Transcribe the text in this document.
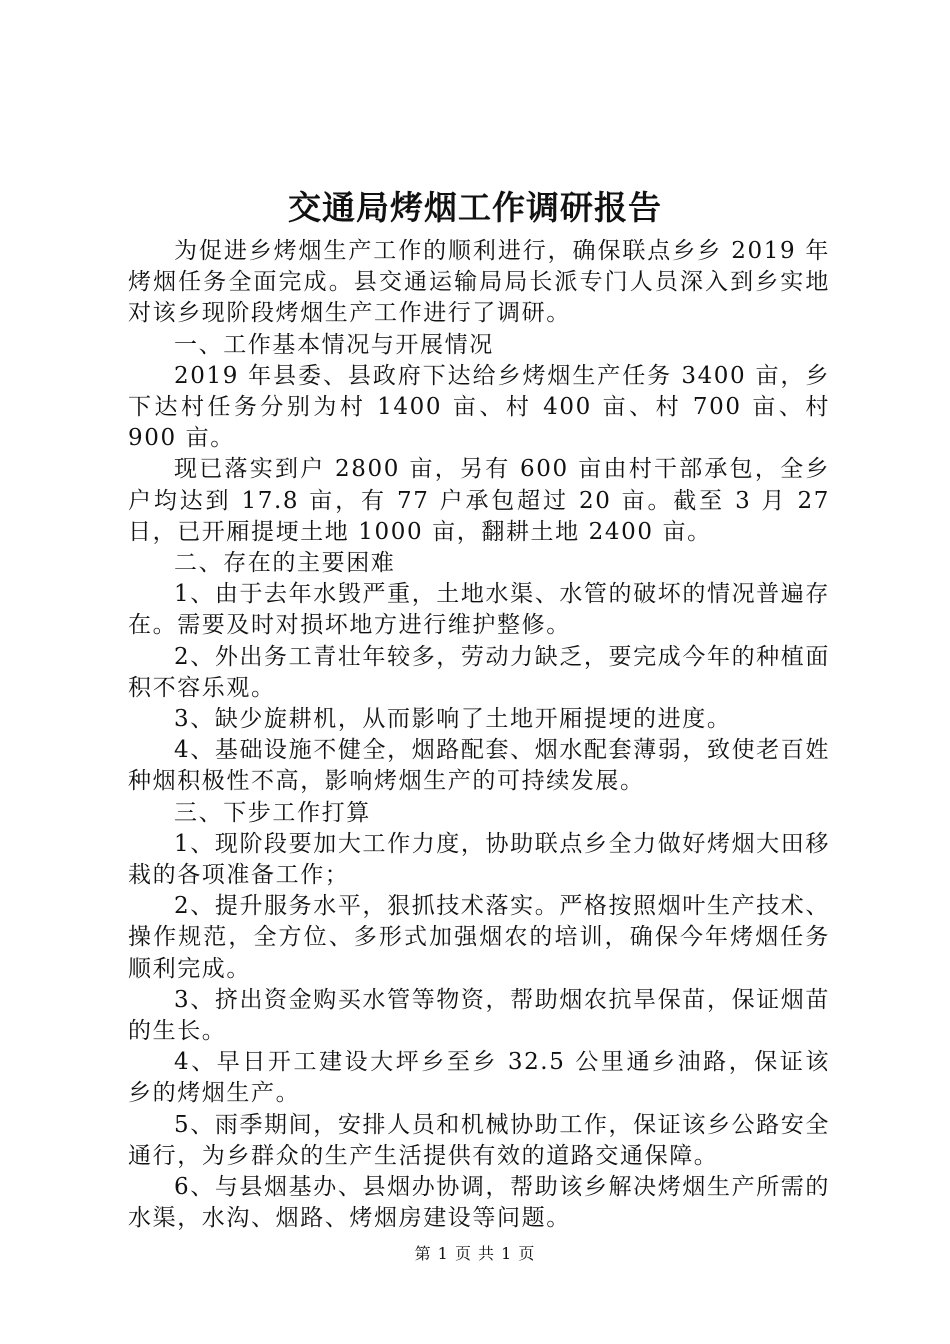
交通局烤烟工作调研报告

为促进乡烤烟生产工作的顺利进行，确保联点乡乡 2019 年烤烟任务全面完成。县交通运输局局长派专门人员深入到乡实地对该乡现阶段烤烟生产工作进行了调研。

一、工作基本情况与开展情况

2019 年县委、县政府下达给乡烤烟生产任务 3400 亩，乡下达村任务分别为村 1400 亩、村 400 亩、村 700 亩、村 900 亩。

现已落实到户 2800 亩，另有 600 亩由村干部承包，全乡户均达到 17.8 亩，有 77 户承包超过 20 亩。截至 3 月 27 日，已开厢提埂土地 1000 亩，翻耕土地 2400 亩。

二、存在的主要困难

1、由于去年水毁严重，土地水渠、水管的破坏的情况普遍存在。需要及时对损坏地方进行维护整修。

2、外出务工青壮年较多，劳动力缺乏，要完成今年的种植面积不容乐观。

3、缺少旋耕机，从而影响了土地开厢提埂的进度。

4、基础设施不健全，烟路配套、烟水配套薄弱，致使老百姓种烟积极性不高，影响烤烟生产的可持续发展。

三、下步工作打算

1、现阶段要加大工作力度，协助联点乡全力做好烤烟大田移栽的各项准备工作；

2、提升服务水平，狠抓技术落实。严格按照烟叶生产技术、操作规范，全方位、多形式加强烟农的培训，确保今年烤烟任务顺利完成。

3、挤出资金购买水管等物资，帮助烟农抗旱保苗，保证烟苗的生长。

4、早日开工建设大坪乡至乡 32.5 公里通乡油路，保证该乡的烤烟生产。

5、雨季期间，安排人员和机械协助工作，保证该乡公路安全通行，为乡群众的生产生活提供有效的道路交通保障。

6、与县烟基办、县烟办协调，帮助该乡解决烤烟生产所需的水渠，水沟、烟路、烤烟房建设等问题。

第 1 页 共 1 页
